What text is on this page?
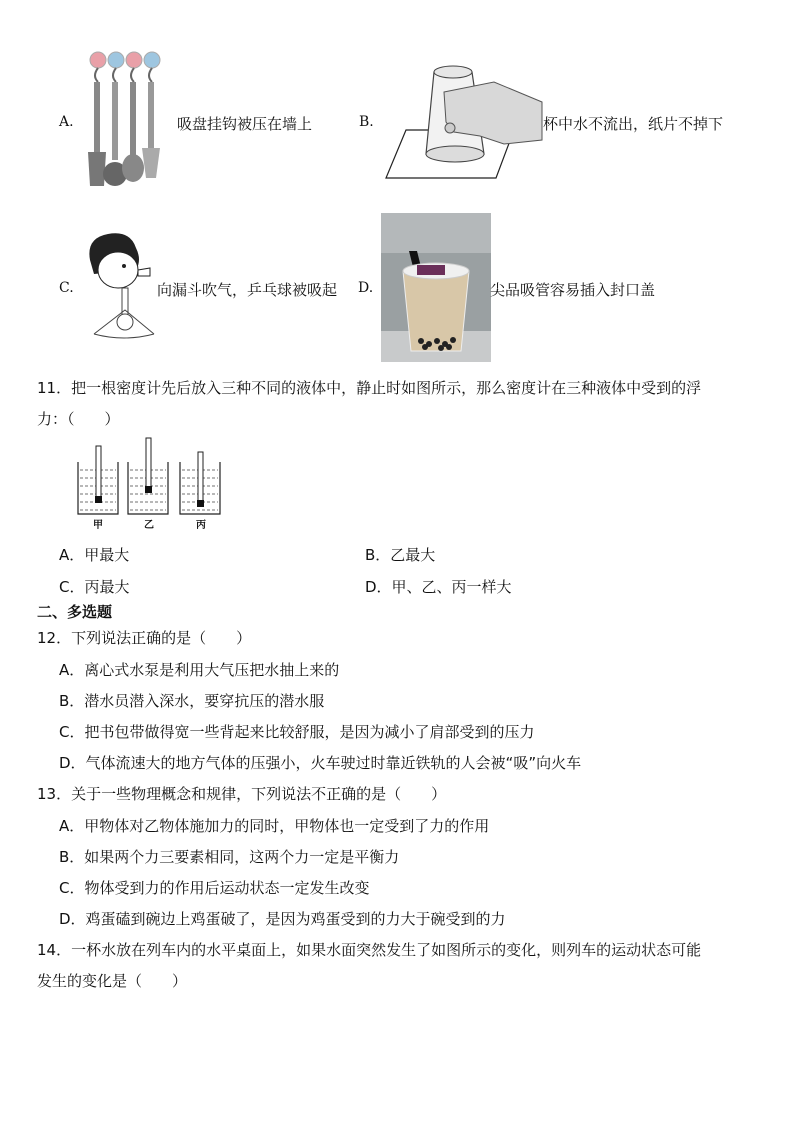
A.	吸盘挂钩被压在墙上	B.	杯中水不流出，纸片不掉下
C.	向漏斗吹气，乒乓球被吸起 D.	尖品吸管容易插入封口盖
11．把一根密度计先后放入三种不同的液体中，静止时如图所示，那么密度计在三种液体中受到的浮
力：（　　）
甲	乙	丙
A．甲最大	B．乙最大
C．丙最大	D．甲、乙、丙一样大
二、多选题
12．下列说法正确的是（　　）
A．离心式水泵是利用大气压把水抽上来的
B．潜水员潜入深水，要穿抗压的潜水服
C．把书包带做得宽一些背起来比较舒服，是因为减小了肩部受到的压力
D．气体流速大的地方气体的压强小，火车驶过时靠近铁轨的人会被“吸”向火车
13．关于一些物理概念和规律，下列说法不正确的是（　　）
A．甲物体对乙物体施加力的同时，甲物体也一定受到了力的作用
B．如果两个力三要素相同，这两个力一定是平衡力
C．物体受到力的作用后运动状态一定发生改变
D．鸡蛋磕到碗边上鸡蛋破了，是因为鸡蛋受到的力大于碗受到的力
14．一杯水放在列车内的水平桌面上，如果水面突然发生了如图所示的变化，则列车的运动状态可能
发生的变化是（　　）
